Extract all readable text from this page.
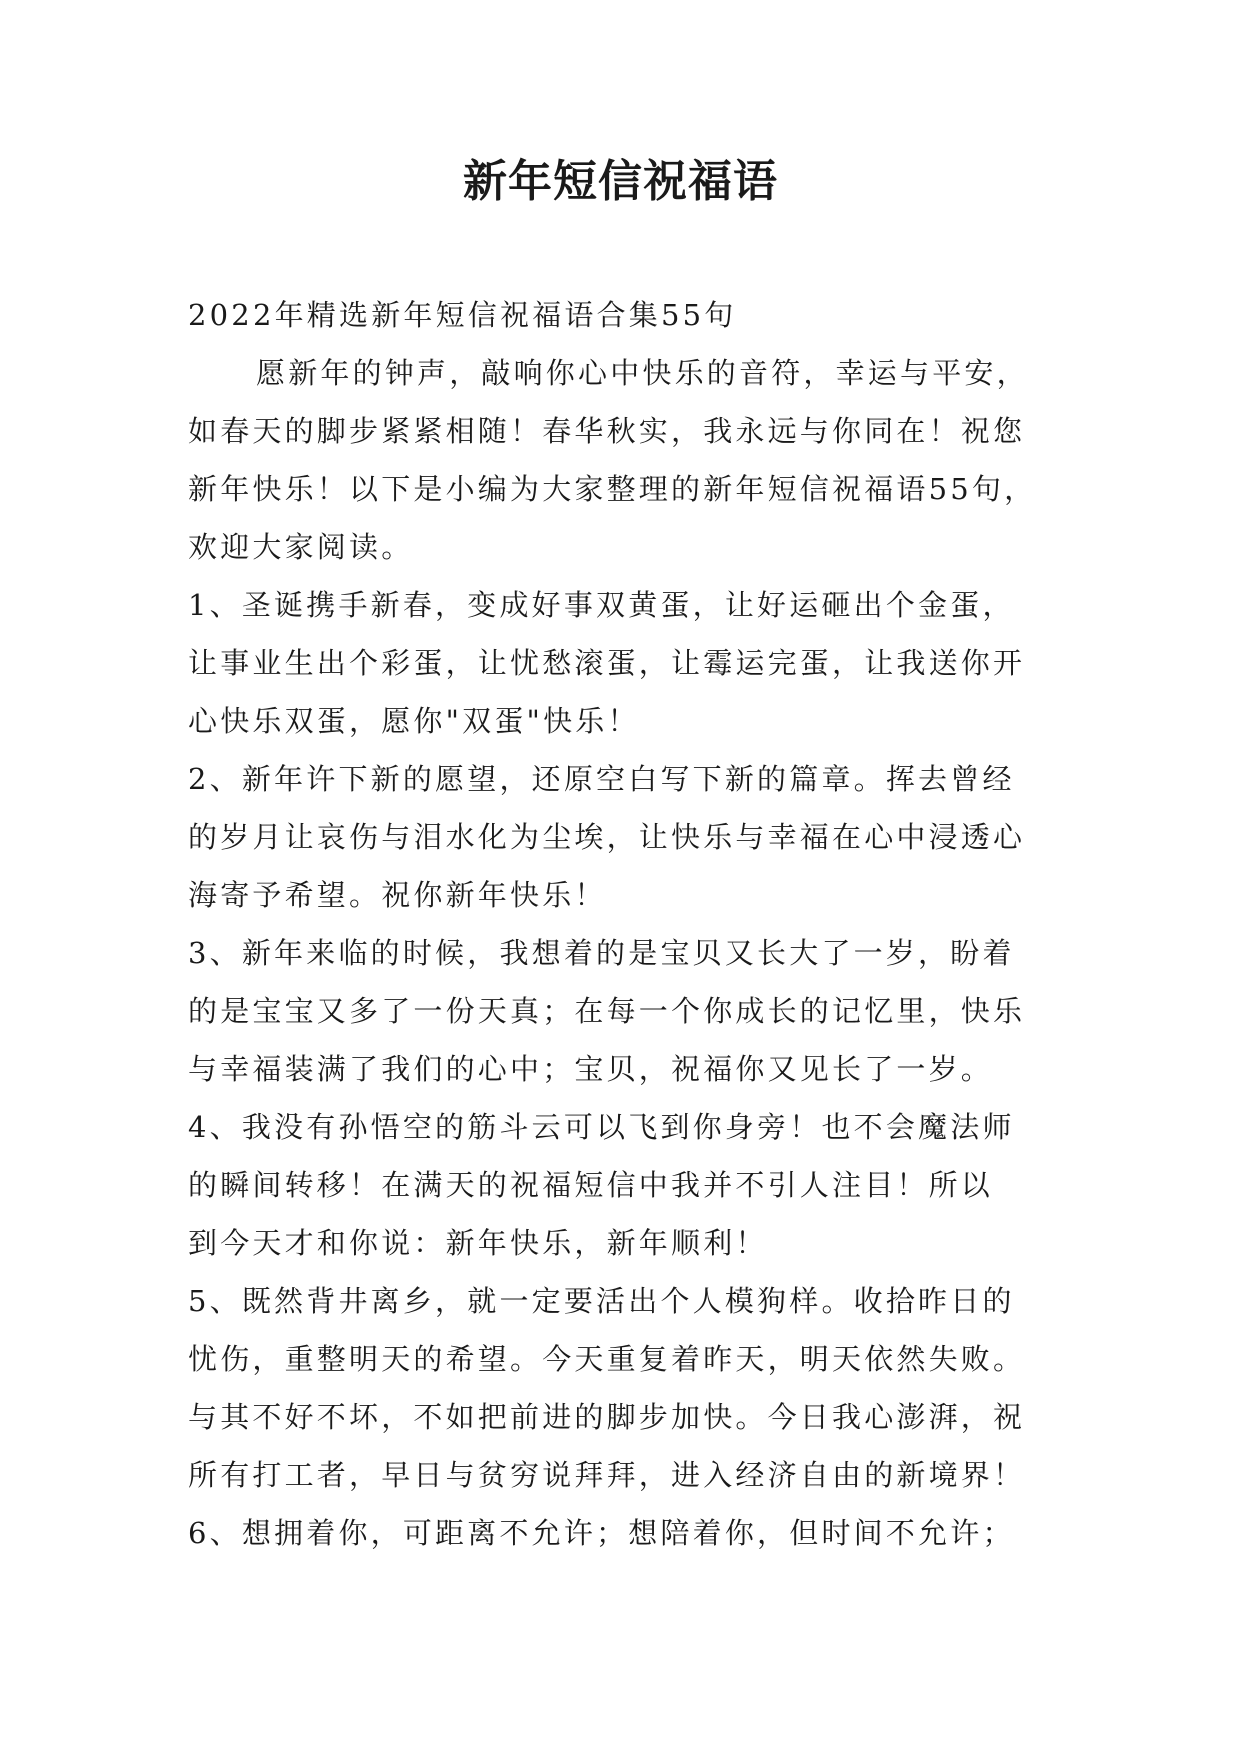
新年短信祝福语
2022年精选新年短信祝福语合集55句
愿新年的钟声，敲响你心中快乐的音符，幸运与平安，
如春天的脚步紧紧相随！春华秋实，我永远与你同在！祝您
新年快乐！以下是小编为大家整理的新年短信祝福语55句，
欢迎大家阅读。
1、圣诞携手新春，变成好事双黄蛋，让好运砸出个金蛋，
让事业生出个彩蛋，让忧愁滚蛋，让霉运完蛋，让我送你开
心快乐双蛋，愿你"双蛋"快乐！
2、新年许下新的愿望，还原空白写下新的篇章。挥去曾经
的岁月让哀伤与泪水化为尘埃，让快乐与幸福在心中浸透心
海寄予希望。祝你新年快乐！
3、新年来临的时候，我想着的是宝贝又长大了一岁，盼着
的是宝宝又多了一份天真；在每一个你成长的记忆里，快乐
与幸福装满了我们的心中；宝贝，祝福你又见长了一岁。
4、我没有孙悟空的筋斗云可以飞到你身旁！也不会魔法师
的瞬间转移！在满天的祝福短信中我并不引人注目！所以
到今天才和你说：新年快乐，新年顺利！
5、既然背井离乡，就一定要活出个人模狗样。收拾昨日的
忧伤，重整明天的希望。今天重复着昨天，明天依然失败。
与其不好不坏，不如把前进的脚步加快。今日我心澎湃，祝
所有打工者，早日与贫穷说拜拜，进入经济自由的新境界！
6、想拥着你，可距离不允许；想陪着你，但时间不允许；
